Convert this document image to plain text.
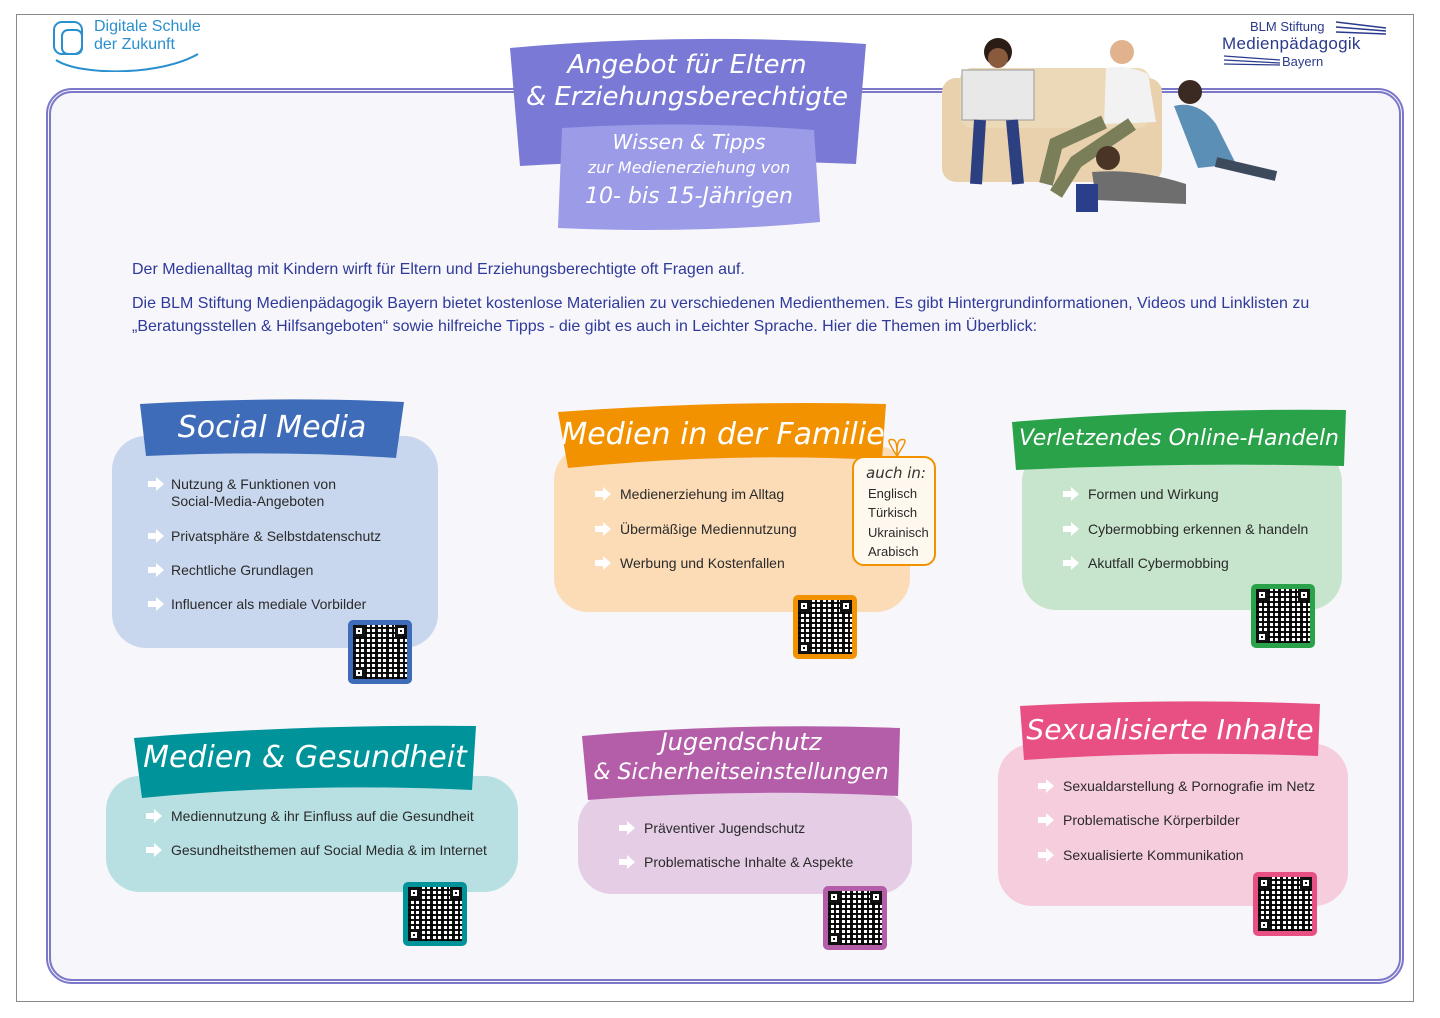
Digitale Schule
der Zukunft
BLM Stiftung
Medienpädagogik
Bayern
Angebot für Eltern
& Erziehungsberechtigte
Wissen & Tipps
zur Medienerziehung von
10- bis 15-Jährigen
Der Medienalltag mit Kindern wirft für Eltern und Erziehungsberechtigte oft Fragen auf.
Die BLM Stiftung Medienpädagogik Bayern bietet kostenlose Materialien zu verschiedenen Medienthemen. Es gibt Hintergrundinformationen, Videos und Linklisten zu „Beratungsstellen & Hilfsangeboten“ sowie hilfreiche Tipps - die gibt es auch in Leichter Sprache. Hier die Themen im Überblick:
Social Media
Nutzung & Funktionen von Social-Media-Angeboten
Privatsphäre & Selbstdatenschutz
Rechtliche Grundlagen
Influencer als mediale Vorbilder
Medien in der Familie
Medienerziehung im Alltag
Übermäßige Mediennutzung
Werbung und Kostenfallen
auch in:
Englisch
Türkisch
Ukrainisch
Arabisch
Verletzendes Online-Handeln
Formen und Wirkung
Cybermobbing erkennen & handeln
Akutfall Cybermobbing
Medien & Gesundheit
Mediennutzung & ihr Einfluss auf die Gesundheit
Gesundheitsthemen auf Social Media & im Internet
Jugendschutz
& Sicherheitseinstellungen
Präventiver Jugendschutz
Problematische Inhalte & Aspekte
Sexualisierte Inhalte
Sexualdarstellung & Pornografie im Netz
Problematische Körperbilder
Sexualisierte Kommunikation
